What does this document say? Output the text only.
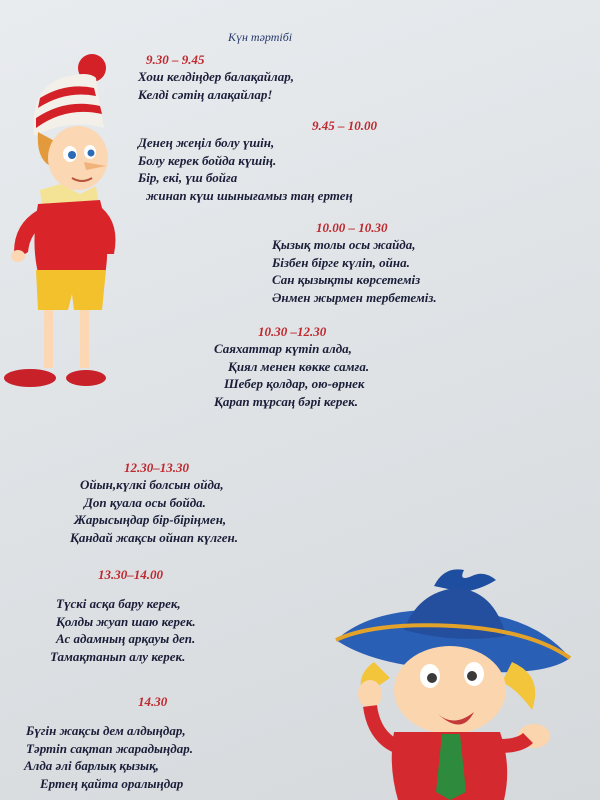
Күн тәртібі
9.30 – 9.45
Хош келдіңдер балақайлар,
Келді сәтің алақайлар!
9.45 – 10.00
Денең жеңіл болу үшін,
Болу керек бойда күшің.
Бір, екі, үш бойға
жинап күш шынығамыз таң ертең
10.00 – 10.30
Қызық толы осы жайда,
Бізбен бірге күліп, ойна.
Сан қызықты көрсетеміз
Әнмен жырмен тербетеміз.
10.30 –12.30
Саяхаттар күтіп алда,
Қиял менен көкке самға.
Шебер қолдар, ою-өрнек
Қарап тұрсаң бәрі керек.
12.30–13.30
Ойын,күлкі болсын ойда,
Доп қуала осы бойда.
Жарысыңдар бір-біріңмен,
Қандай жақсы ойнап күлген.
13.30–14.00
Түскі асқа бару керек,
Қолды жуап шаю керек.
Ас адамның арқауы деп.
Тамақтанып алу керек.
14.30
Бүгін жақсы дем алдыңдар,
Тәртіп сақтап жарадыңдар.
Алда әлі барлық қызық,
Ертең қайта оралыңдар
